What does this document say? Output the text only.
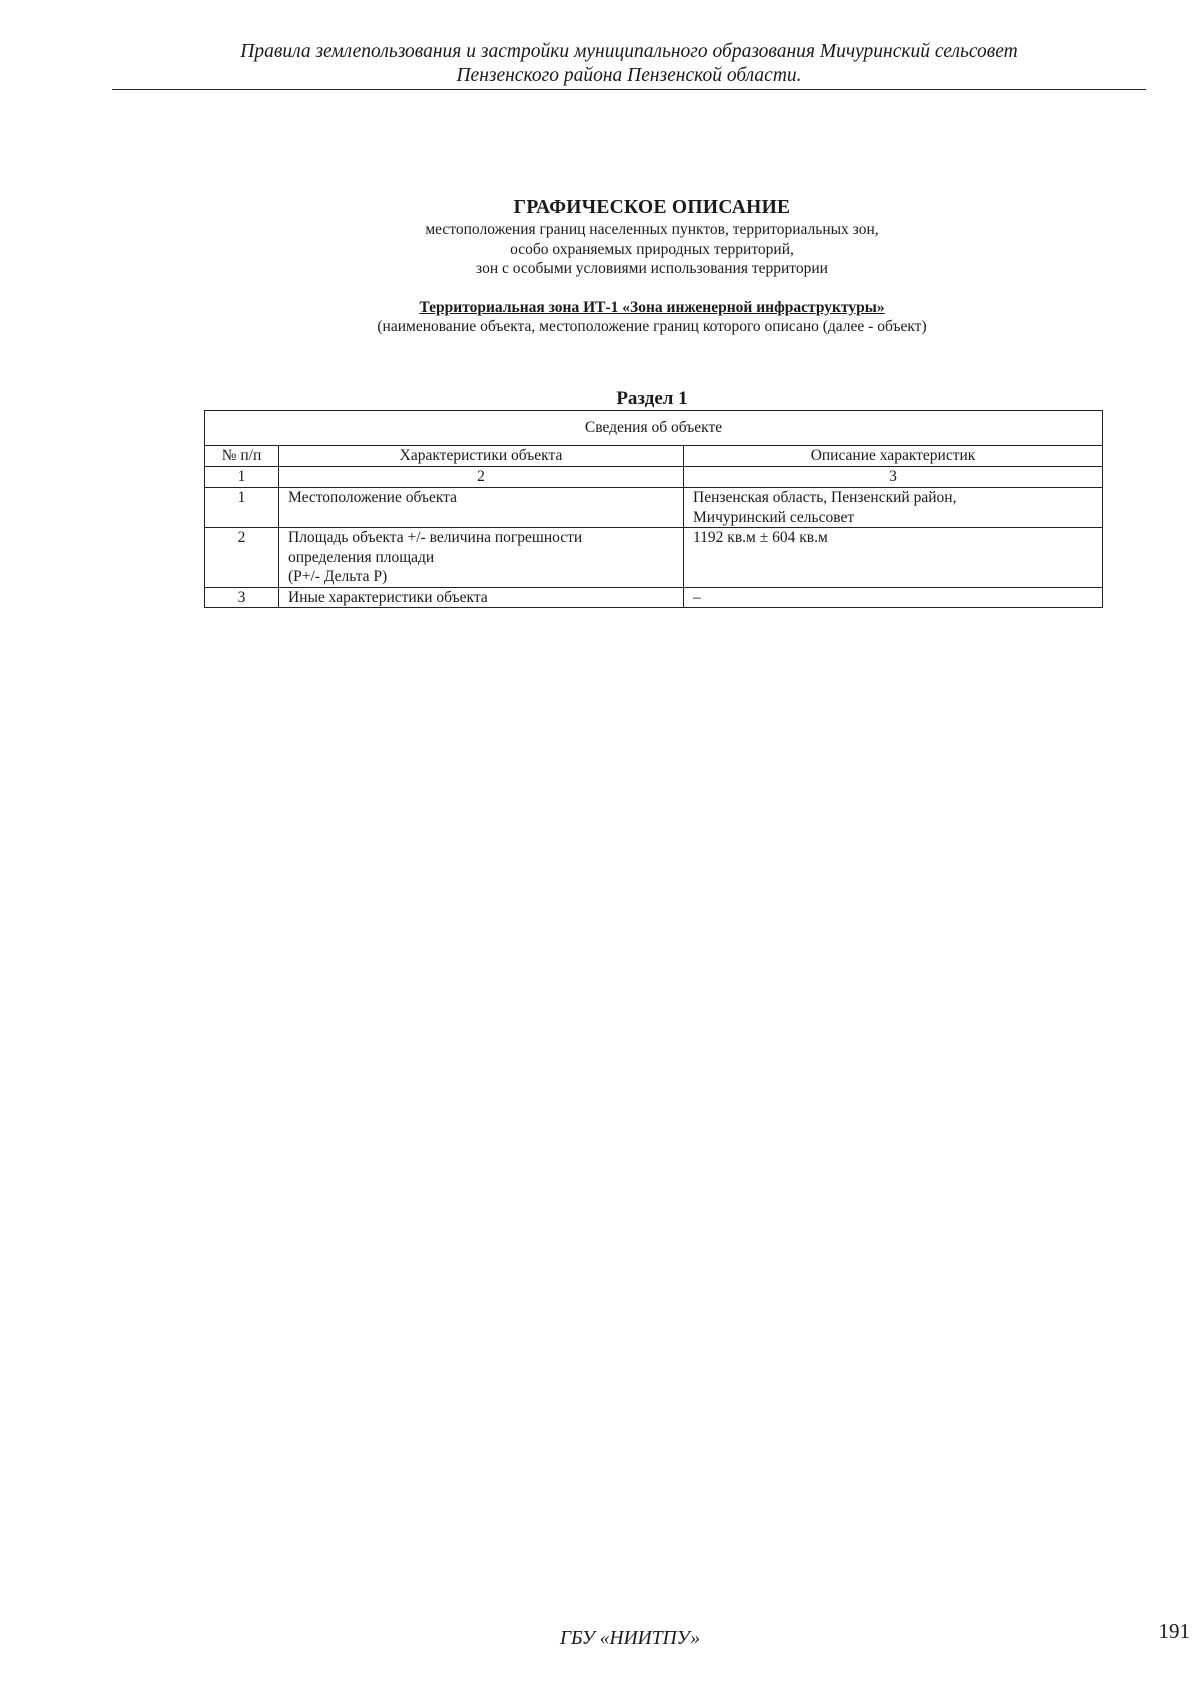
Правила землепользования и застройки муниципального образования Мичуринский сельсовет
Пензенского района Пензенской области.
ГРАФИЧЕСКОЕ ОПИСАНИЕ
местоположения границ населенных пунктов, территориальных зон,
особо охраняемых природных территорий,
зон с особыми условиями использования территории
Территориальная зона ИТ-1 «Зона инженерной инфраструктуры»
(наименование объекта, местоположение границ которого описано (далее - объект)
Раздел 1
Сведения об объекте		
№ п/п	Характеристики объекта	Описание характеристик
1	2	3
1	Местоположение объекта	Пензенская область, Пензенский район,
Мичуринский сельсовет

2	Площадь объекта +/- величина погрешности
определения площади
(P+/- Дельта P)	1192 кв.м ± 604 кв.м

3	Иные характеристики объекта	–
ГБУ «НИИТПУ»	191
